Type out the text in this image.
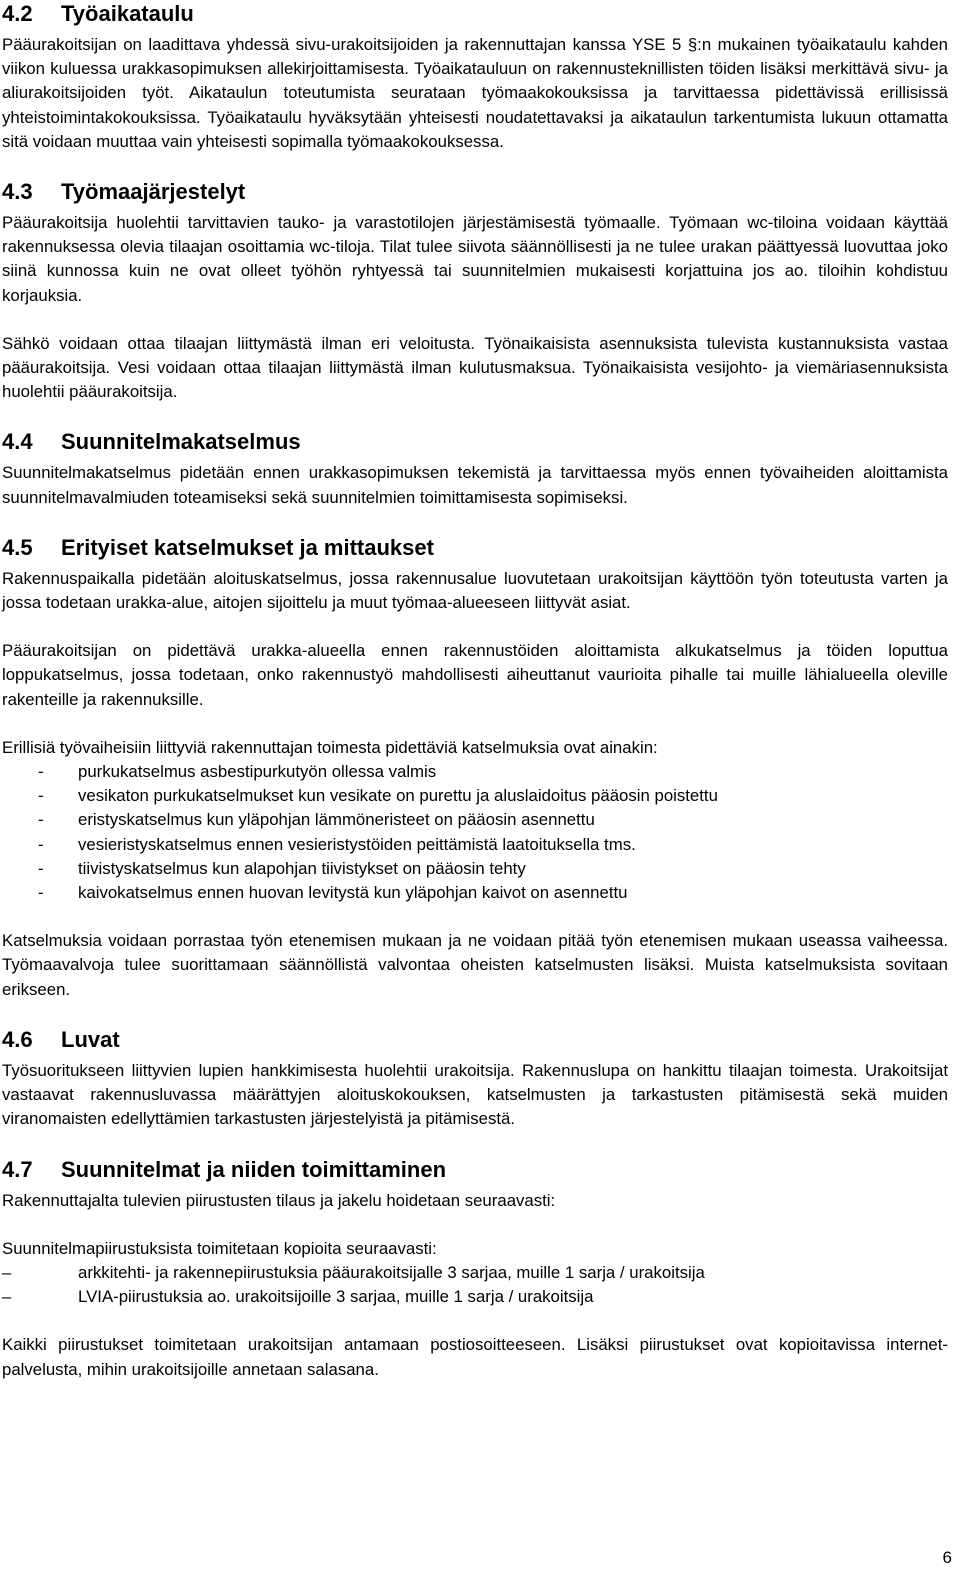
4.2 Työaikataulu

Pääurakoitsijan on laadittava yhdessä sivu-urakoitsijoiden ja rakennuttajan kanssa YSE 5 §:n mukainen työaikataulu kahden viikon kuluessa urakkasopimuksen allekirjoittamisesta. Työaikatauluun on rakennusteknillisten töiden lisäksi merkittävä sivu- ja aliurakoitsijoiden työt. Aikataulun toteutumista seurataan työmaakokouksissa ja tarvittaessa pidettävissä erillisissä yhteistoimintakokouksissa. Työaikataulu hyväksytään yhteisesti noudatettavaksi ja aikataulun tarkentumista lukuun ottamatta sitä voidaan muuttaa vain yhteisesti sopimalla työmaakokouksessa.

4.3 Työmaajärjestelyt

Pääurakoitsija huolehtii tarvittavien tauko- ja varastotilojen järjestämisestä työmaalle. Työmaan wc-tiloina voidaan käyttää rakennuksessa olevia tilaajan osoittamia wc-tiloja. Tilat tulee siivota säännöllisesti ja ne tulee urakan päättyessä luovuttaa joko siinä kunnossa kuin ne ovat olleet työhön ryhtyessä tai suunnitelmien mukaisesti korjattuina jos ao. tiloihin kohdistuu korjauksia.

Sähkö voidaan ottaa tilaajan liittymästä ilman eri veloitusta. Työnaikaisista asennuksista tulevista kustannuksista vastaa pääurakoitsija. Vesi voidaan ottaa tilaajan liittymästä ilman kulutusmaksua. Työnaikaisista vesijohto- ja viemäriasennuksista huolehtii pääurakoitsija.

4.4 Suunnitelmakatselmus

Suunnitelmakatselmus pidetään ennen urakkasopimuksen tekemistä ja tarvittaessa myös ennen työvaiheiden aloittamista suunnitelmavalmiuden toteamiseksi sekä suunnitelmien toimittamisesta sopimiseksi.

4.5 Erityiset katselmukset ja mittaukset

Rakennuspaikalla pidetään aloituskatselmus, jossa rakennusalue luovutetaan urakoitsijan käyttöön työn toteutusta varten ja jossa todetaan urakka-alue, aitojen sijoittelu ja muut työmaa-alueeseen liittyvät asiat.

Pääurakoitsijan on pidettävä urakka-alueella ennen rakennustöiden aloittamista alkukatselmus ja töiden loputtua loppukatselmus, jossa todetaan, onko rakennustyö mahdollisesti aiheuttanut vaurioita pihalle tai muille lähialueella oleville rakenteille ja rakennuksille.

Erillisiä työvaiheisiin liittyviä rakennuttajan toimesta pidettäviä katselmuksia ovat ainakin:

- purkukatselmus asbestipurkutyön ollessa valmis
- vesikaton purkukatselmukset kun vesikate on purettu ja aluslaidoitus pääosin poistettu
- eristyskatselmus kun yläpohjan lämmöneristeet on pääosin asennettu
- vesieristyskatselmus ennen vesieristystöiden peittämistä laatoituksella tms.
- tiivistyskatselmus kun alapohjan tiivistykset on pääosin tehty
- kaivokatselmus ennen huovan levitystä kun yläpohjan kaivot on asennettu

Katselmuksia voidaan porrastaa työn etenemisen mukaan ja ne voidaan pitää työn etenemisen mukaan useassa vaiheessa. Työmaavalvoja tulee suorittamaan säännöllistä valvontaa oheisten katselmusten lisäksi. Muista katselmuksista sovitaan erikseen.

4.6 Luvat

Työsuoritukseen liittyvien lupien hankkimisesta huolehtii urakoitsija. Rakennuslupa on hankittu tilaajan toimesta. Urakoitsijat vastaavat rakennusluvassa määrättyjen aloituskokouksen, katselmusten ja tarkastusten pitämisestä sekä muiden viranomaisten edellyttämien tarkastusten järjestelyistä ja pitämisestä.

4.7 Suunnitelmat ja niiden toimittaminen

Rakennuttajalta tulevien piirustusten tilaus ja jakelu hoidetaan seuraavasti:

Suunnitelmapiirustuksista toimitetaan kopioita seuraavasti:

–	arkkitehti- ja rakennepiirustuksia pääurakoitsijalle 3 sarjaa, muille 1 sarja / urakoitsija
–	LVIA-piirustuksia ao. urakoitsijoille 3 sarjaa, muille 1 sarja / urakoitsija

Kaikki piirustukset toimitetaan urakoitsijan antamaan postiosoitteeseen. Lisäksi piirustukset ovat kopioitavissa internet-palvelusta, mihin urakoitsijoille annetaan salasana.

6
